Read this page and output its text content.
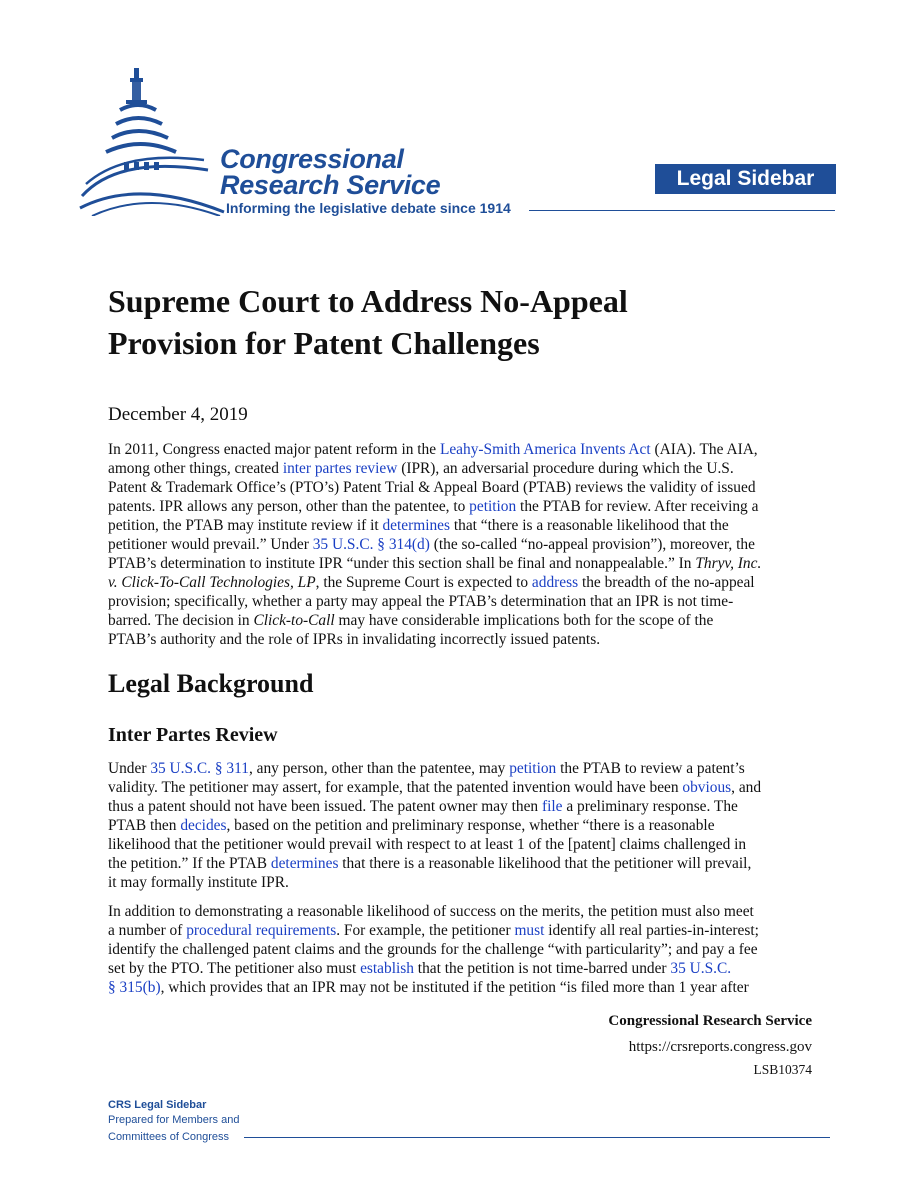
Congressional
Research Service
Informing the legislative debate since 1914
Legal Sidebar
Supreme Court to Address No-Appeal
Provision for Patent Challenges
December 4, 2019
In 2011, Congress enacted major patent reform in the Leahy-Smith America Invents Act (AIA). The AIA,
among other things, created inter partes review (IPR), an adversarial procedure during which the U.S.
Patent & Trademark Office’s (PTO’s) Patent Trial & Appeal Board (PTAB) reviews the validity of issued
patents. IPR allows any person, other than the patentee, to petition the PTAB for review. After receiving a
petition, the PTAB may institute review if it determines that “there is a reasonable likelihood that the
petitioner would prevail.” Under 35 U.S.C. § 314(d) (the so-called “no-appeal provision”), moreover, the
PTAB’s determination to institute IPR “under this section shall be final and nonappealable.” In Thryv, Inc.
v. Click-To-Call Technologies, LP, the Supreme Court is expected to address the breadth of the no-appeal
provision; specifically, whether a party may appeal the PTAB’s determination that an IPR is not time-
barred. The decision in Click-to-Call may have considerable implications both for the scope of the
PTAB’s authority and the role of IPRs in invalidating incorrectly issued patents.
Legal Background
Inter Partes Review
Under 35 U.S.C. § 311, any person, other than the patentee, may petition the PTAB to review a patent’s
validity. The petitioner may assert, for example, that the patented invention would have been obvious, and
thus a patent should not have been issued. The patent owner may then file a preliminary response. The
PTAB then decides, based on the petition and preliminary response, whether “there is a reasonable
likelihood that the petitioner would prevail with respect to at least 1 of the [patent] claims challenged in
the petition.” If the PTAB determines that there is a reasonable likelihood that the petitioner will prevail,
it may formally institute IPR.
In addition to demonstrating a reasonable likelihood of success on the merits, the petition must also meet
a number of procedural requirements. For example, the petitioner must identify all real parties-in-interest;
identify the challenged patent claims and the grounds for the challenge “with particularity”; and pay a fee
set by the PTO. The petitioner also must establish that the petition is not time-barred under 35 U.S.C.
§ 315(b), which provides that an IPR may not be instituted if the petition “is filed more than 1 year after
Congressional Research Service
https://crsreports.congress.gov
LSB10374
CRS Legal Sidebar
Prepared for Members and
Committees of Congress
